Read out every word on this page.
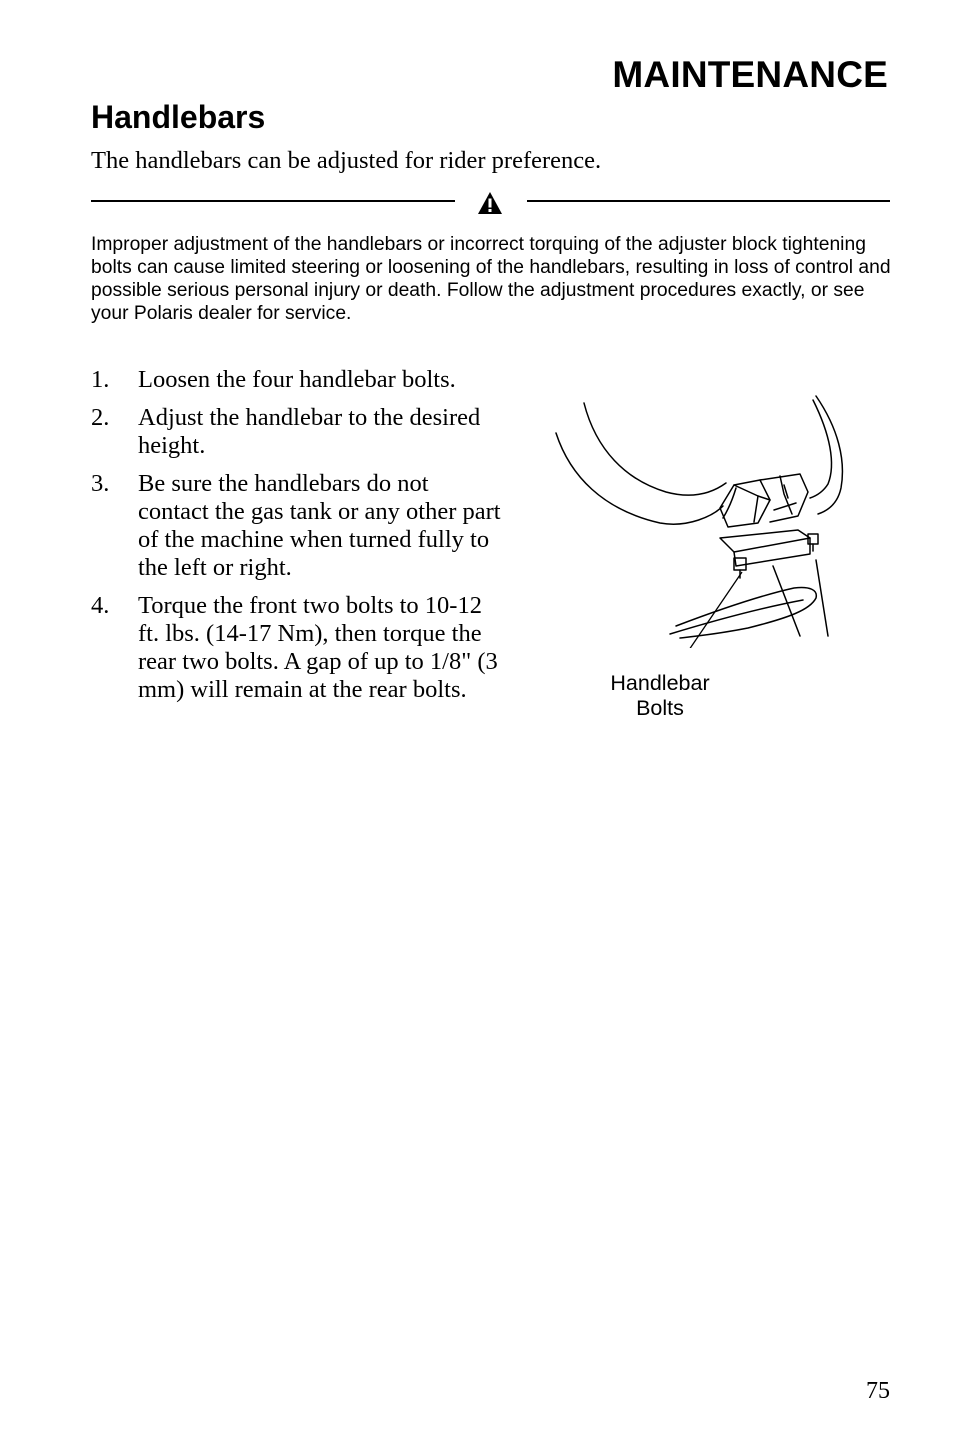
MAINTENANCE
Handlebars

The handlebars can be adjusted for rider preference.

Improper adjustment of the handlebars or incorrect torquing of the adjuster block tightening bolts can cause limited steering or loosening of the handlebars, resulting in loss of control and possible serious personal injury or death. Follow the adjustment procedures exactly, or see your Polaris dealer for service.

1. Loosen the four handlebar bolts.
2. Adjust the handlebar to the desired height.
3. Be sure the handlebars do not contact the gas tank or any other part of the machine when turned fully to the left or right.
4. Torque the front two bolts to 10-12 ft. lbs. (14-17 Nm), then torque the rear two bolts. A gap of up to 1/8" (3 mm) will remain at the rear bolts.	Handlebar
Bolts

75
